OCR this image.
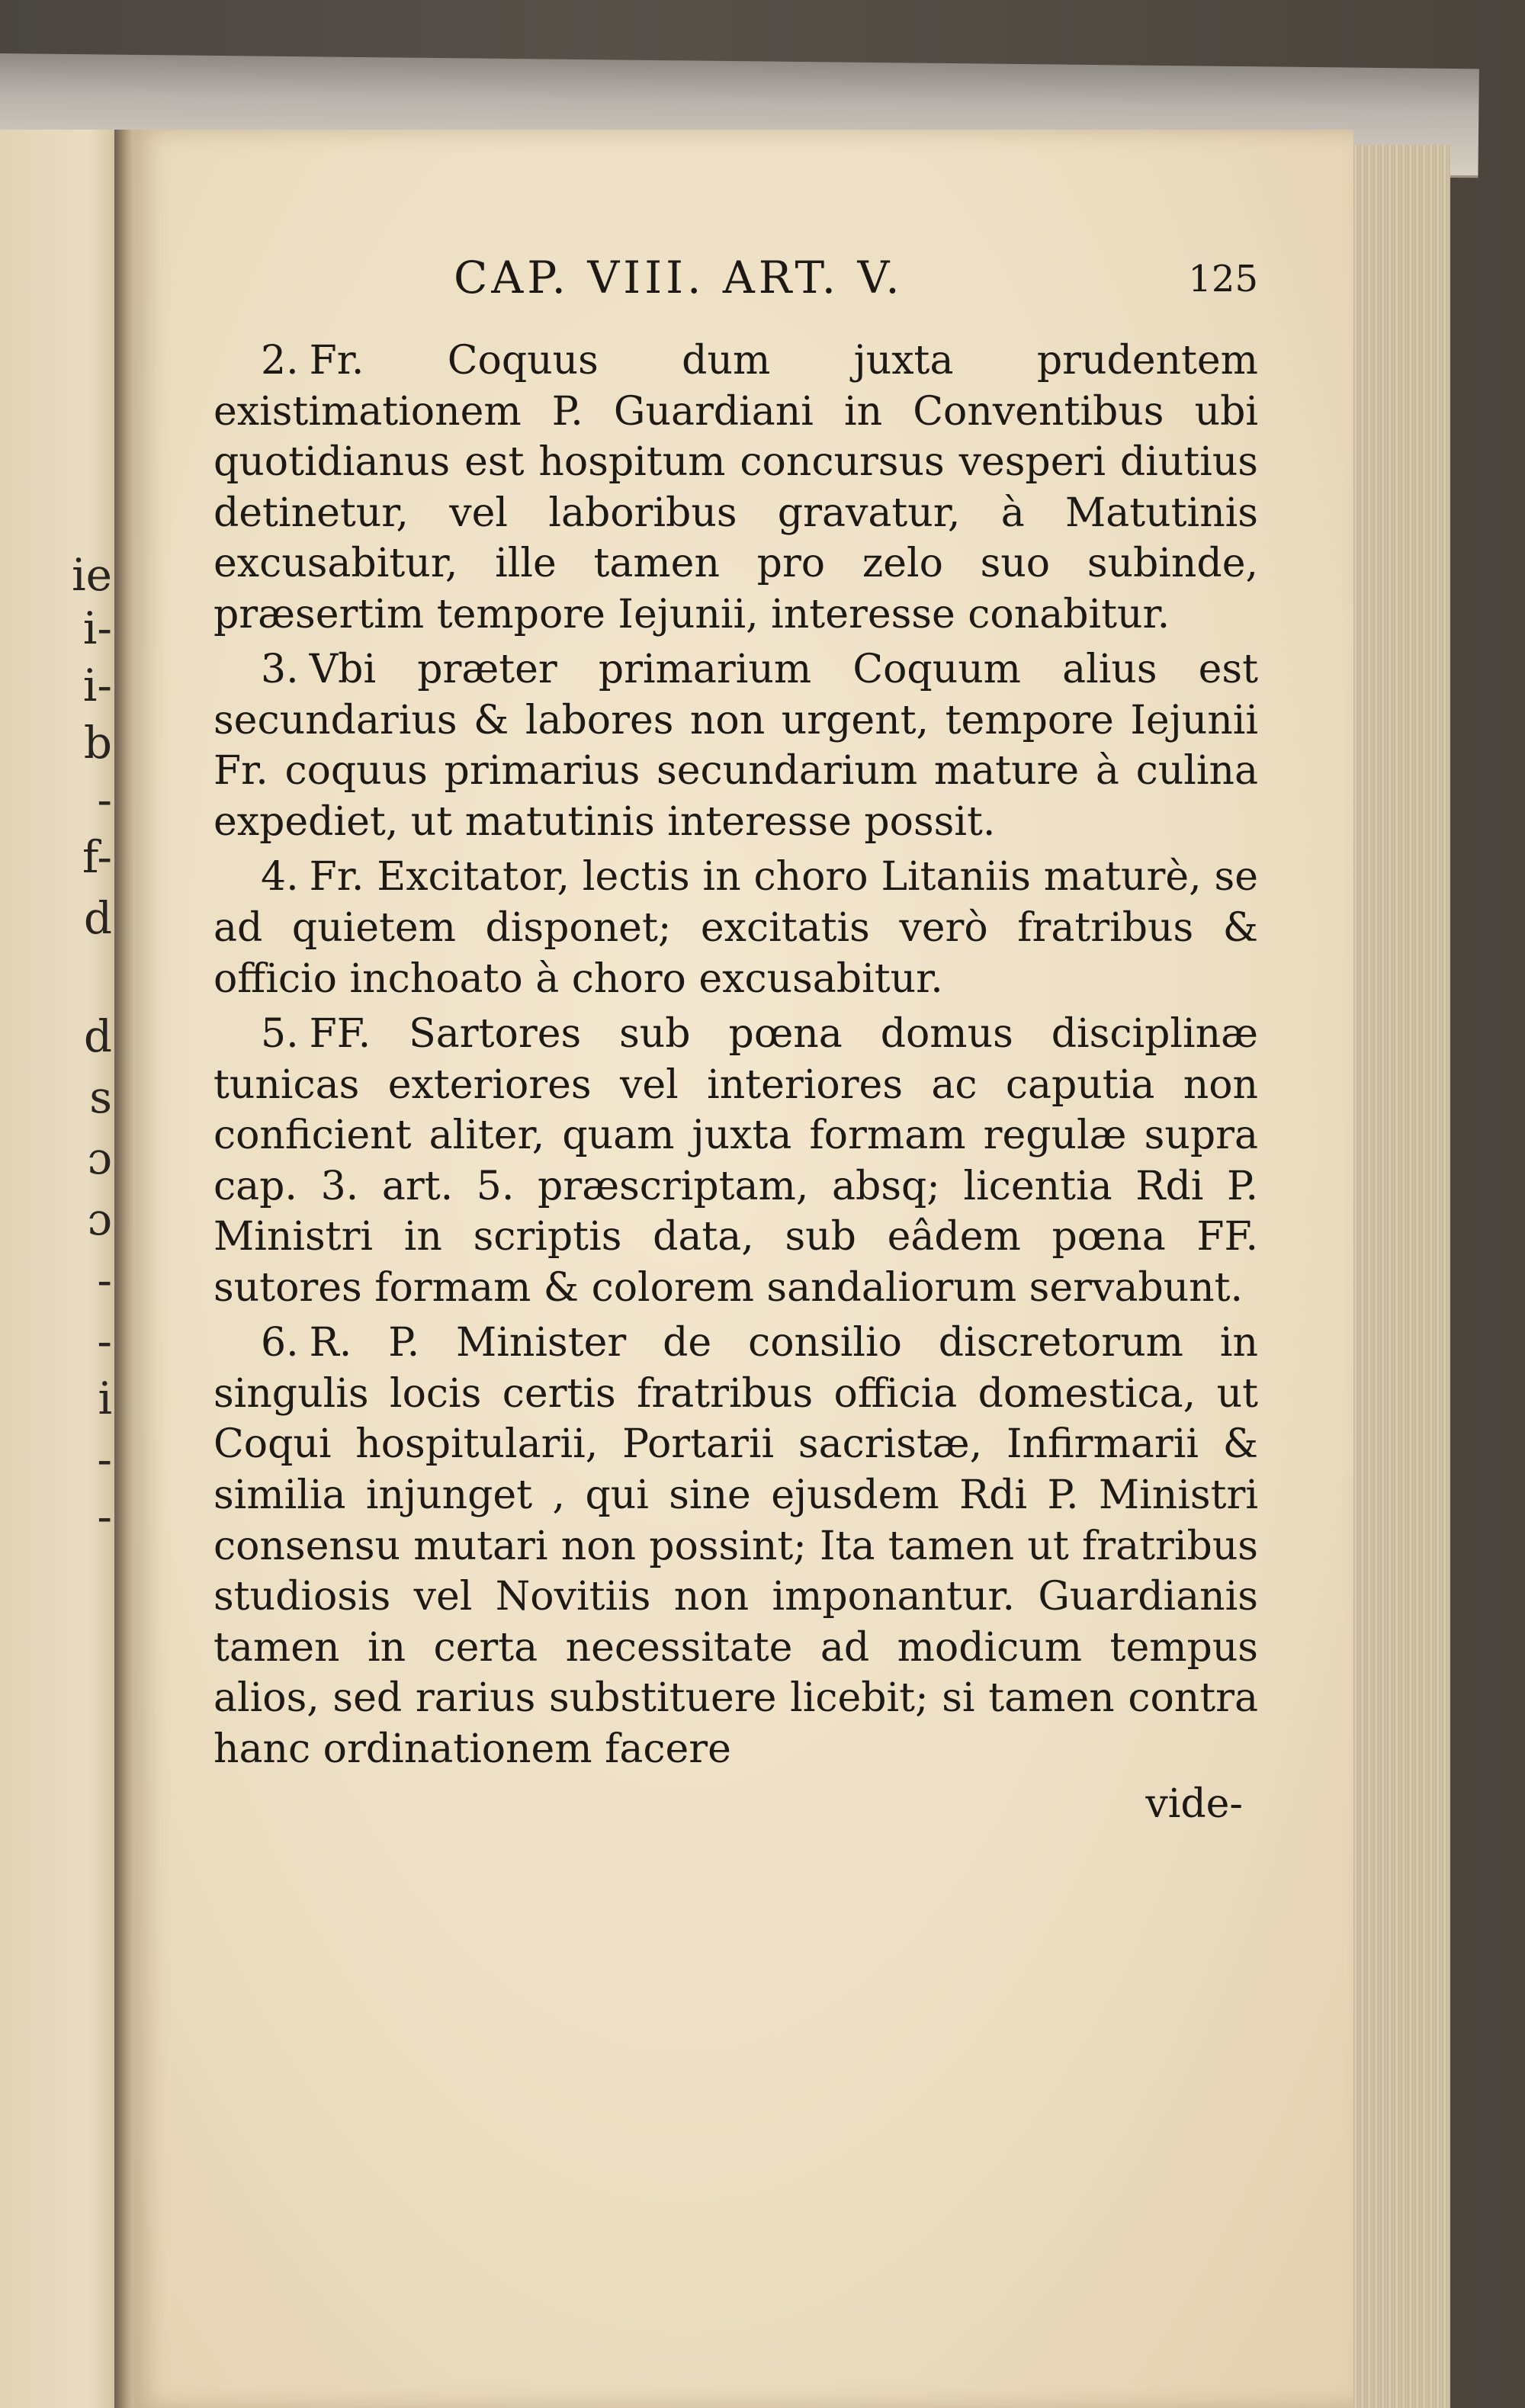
ie
i-
i-
b
-
f-
d
d
s
ɔ
ɔ
-
-
i
-
-
CAP. VIII. ART. V.	125

2. Fr. Coquus dum juxta prudentem existimationem P. Guardiani in Conventibus ubi quotidianus est hospitum concursus vesperi diutius detinetur, vel laboribus gravatur, à Matutinis excusabitur, ille tamen pro zelo suo subinde, præsertim tempore Iejunii, interesse conabitur.

3. Vbi præter primarium Coquum alius est secundarius & labores non urgent, tempore Iejunii Fr. coquus primarius secundarium mature à culina expediet, ut matutinis interesse possit.

4. Fr. Excitator, lectis in choro Litaniis maturè, se ad quietem disponet; excitatis verò fratribus & officio inchoato à choro excusabitur.

5. FF. Sartores sub pœna domus disciplinæ tunicas exteriores vel interiores ac caputia non conficient aliter, quam juxta formam regulæ supra cap. 3. art. 5. præscriptam, absq; licentia Rdi P. Ministri in scriptis data, sub eâdem pœna FF. sutores formam & colorem sandaliorum servabunt.

6. R. P. Minister de consilio discretorum in singulis locis certis fratribus officia domestica, ut Coqui hospitularii, Portarii sacristæ, Infirmarii & similia injunget , qui sine ejusdem Rdi P. Ministri consensu mutari non possint; Ita tamen ut fratribus studiosis vel Novitiis non imponantur. Guardianis tamen in certa necessitate ad modicum tempus alios, sed rarius substituere licebit; si tamen contra hanc ordinationem facere

vide-
